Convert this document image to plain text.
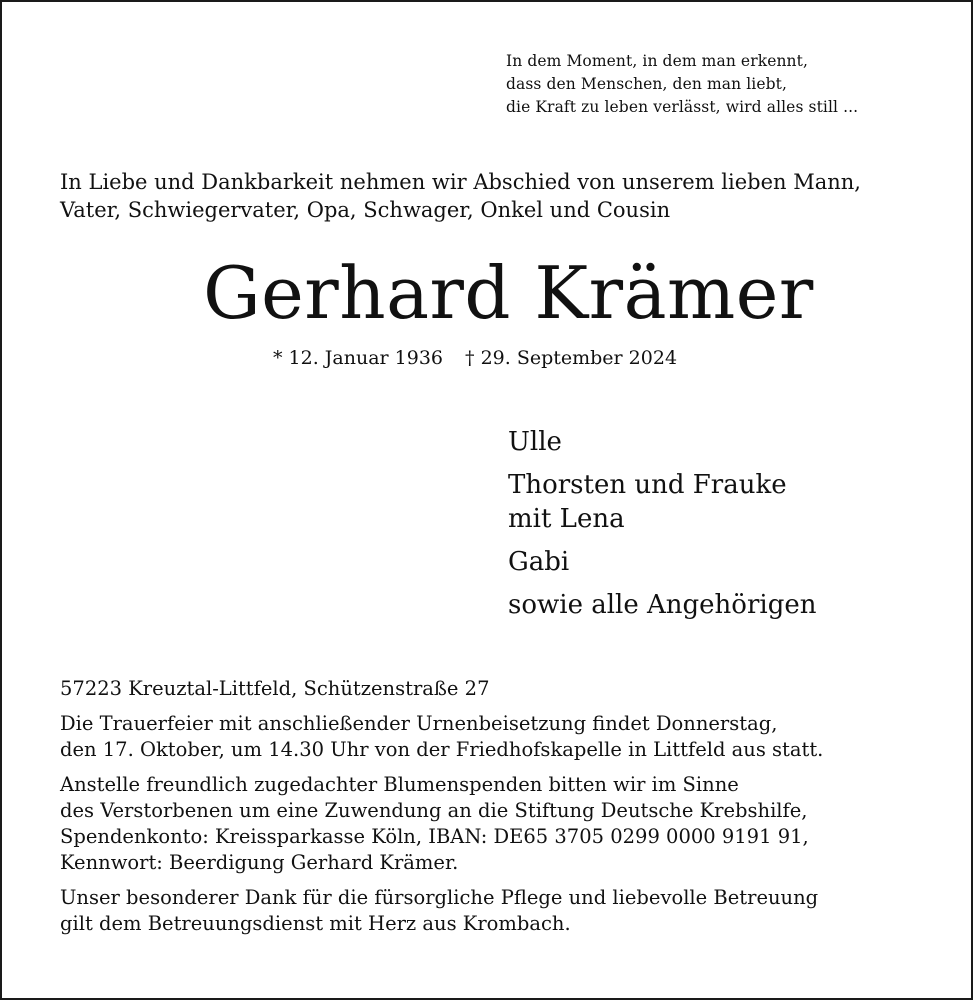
In dem Moment, in dem man erkennt,
dass den Menschen, den man liebt,
die Kraft zu leben verlässt, wird alles still ...
In Liebe und Dankbarkeit nehmen wir Abschied von unserem lieben Mann,
Vater, Schwiegervater, Opa, Schwager, Onkel und Cousin
Gerhard Krämer
* 12. Januar 1936 † 29. September 2024
Ulle
Thorsten und Frauke
mit Lena
Gabi
sowie alle Angehörigen
57223 Kreuztal-Littfeld, Schützenstraße 27
Die Trauerfeier mit anschließender Urnenbeisetzung findet Donnerstag,
den 17. Oktober, um 14.30 Uhr von der Friedhofskapelle in Littfeld aus statt.
Anstelle freundlich zugedachter Blumenspenden bitten wir im Sinne
des Verstorbenen um eine Zuwendung an die Stiftung Deutsche Krebshilfe,
Spendenkonto: Kreissparkasse Köln, IBAN: DE65 3705 0299 0000 9191 91,
Kennwort: Beerdigung Gerhard Krämer.
Unser besonderer Dank für die fürsorgliche Pflege und liebevolle Betreuung
gilt dem Betreuungsdienst mit Herz aus Krombach.
